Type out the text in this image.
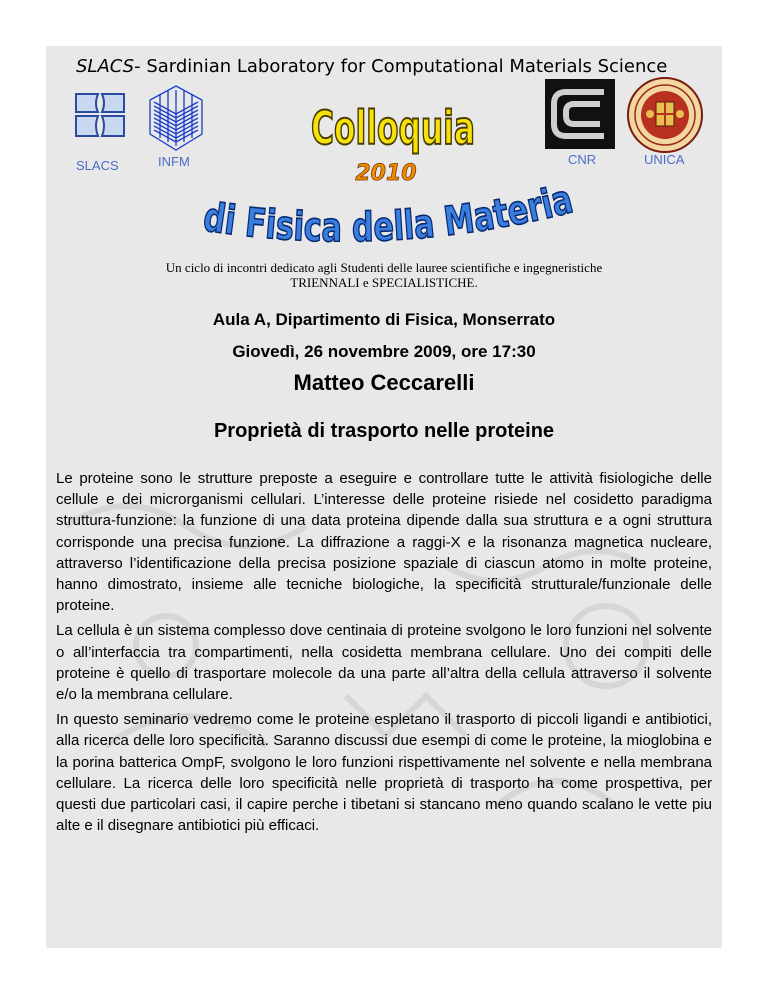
SLACS- Sardinian Laboratory for Computational Materials Science
SLACS	INFM
Colloquia
2010
di Fisica della Materia
CNR	UNICA
Un ciclo di incontri dedicato agli Studenti delle lauree scientifiche e ingegneristiche
TRIENNALI e SPECIALISTICHE.
Aula A, Dipartimento di Fisica, Monserrato
Giovedì, 26 novembre 2009, ore 17:30
Matteo Ceccarelli
Proprietà di trasporto nelle proteine

Le proteine sono le strutture preposte a eseguire e controllare tutte le attività fisiologiche delle cellule e dei microrganismi cellulari. L’interesse delle proteine risiede nel cosidetto paradigma struttura-funzione: la funzione di una data proteina dipende dalla sua struttura e a ogni struttura corrisponde una precisa funzione. La diffrazione a raggi-X e la risonanza magnetica nucleare, attraverso l’identificazione della precisa posizione spaziale di ciascun atomo in molte proteine, hanno dimostrato, insieme alle tecniche biologiche, la specificità strutturale/funzionale delle proteine.

La cellula è un sistema complesso dove centinaia di proteine svolgono le loro funzioni nel solvente o all’interfaccia tra compartimenti, nella cosidetta membrana cellulare. Uno dei compiti delle proteine è quello di trasportare molecole da una parte all’altra della cellula attraverso il solvente e/o la membrana cellulare.

In questo seminario vedremo come le proteine espletano il trasporto di piccoli ligandi e antibiotici, alla ricerca delle loro specificità. Saranno discussi due esempi di come le proteine, la mioglobina e la porina batterica OmpF, svolgono le loro funzioni rispettivamente nel solvente e nella membrana cellulare. La ricerca delle loro specificità nelle proprietà di trasporto ha come prospettiva, per questi due particolari casi, il capire perche i tibetani si stancano meno quando scalano le vette piu alte e il disegnare antibiotici più efficaci.
